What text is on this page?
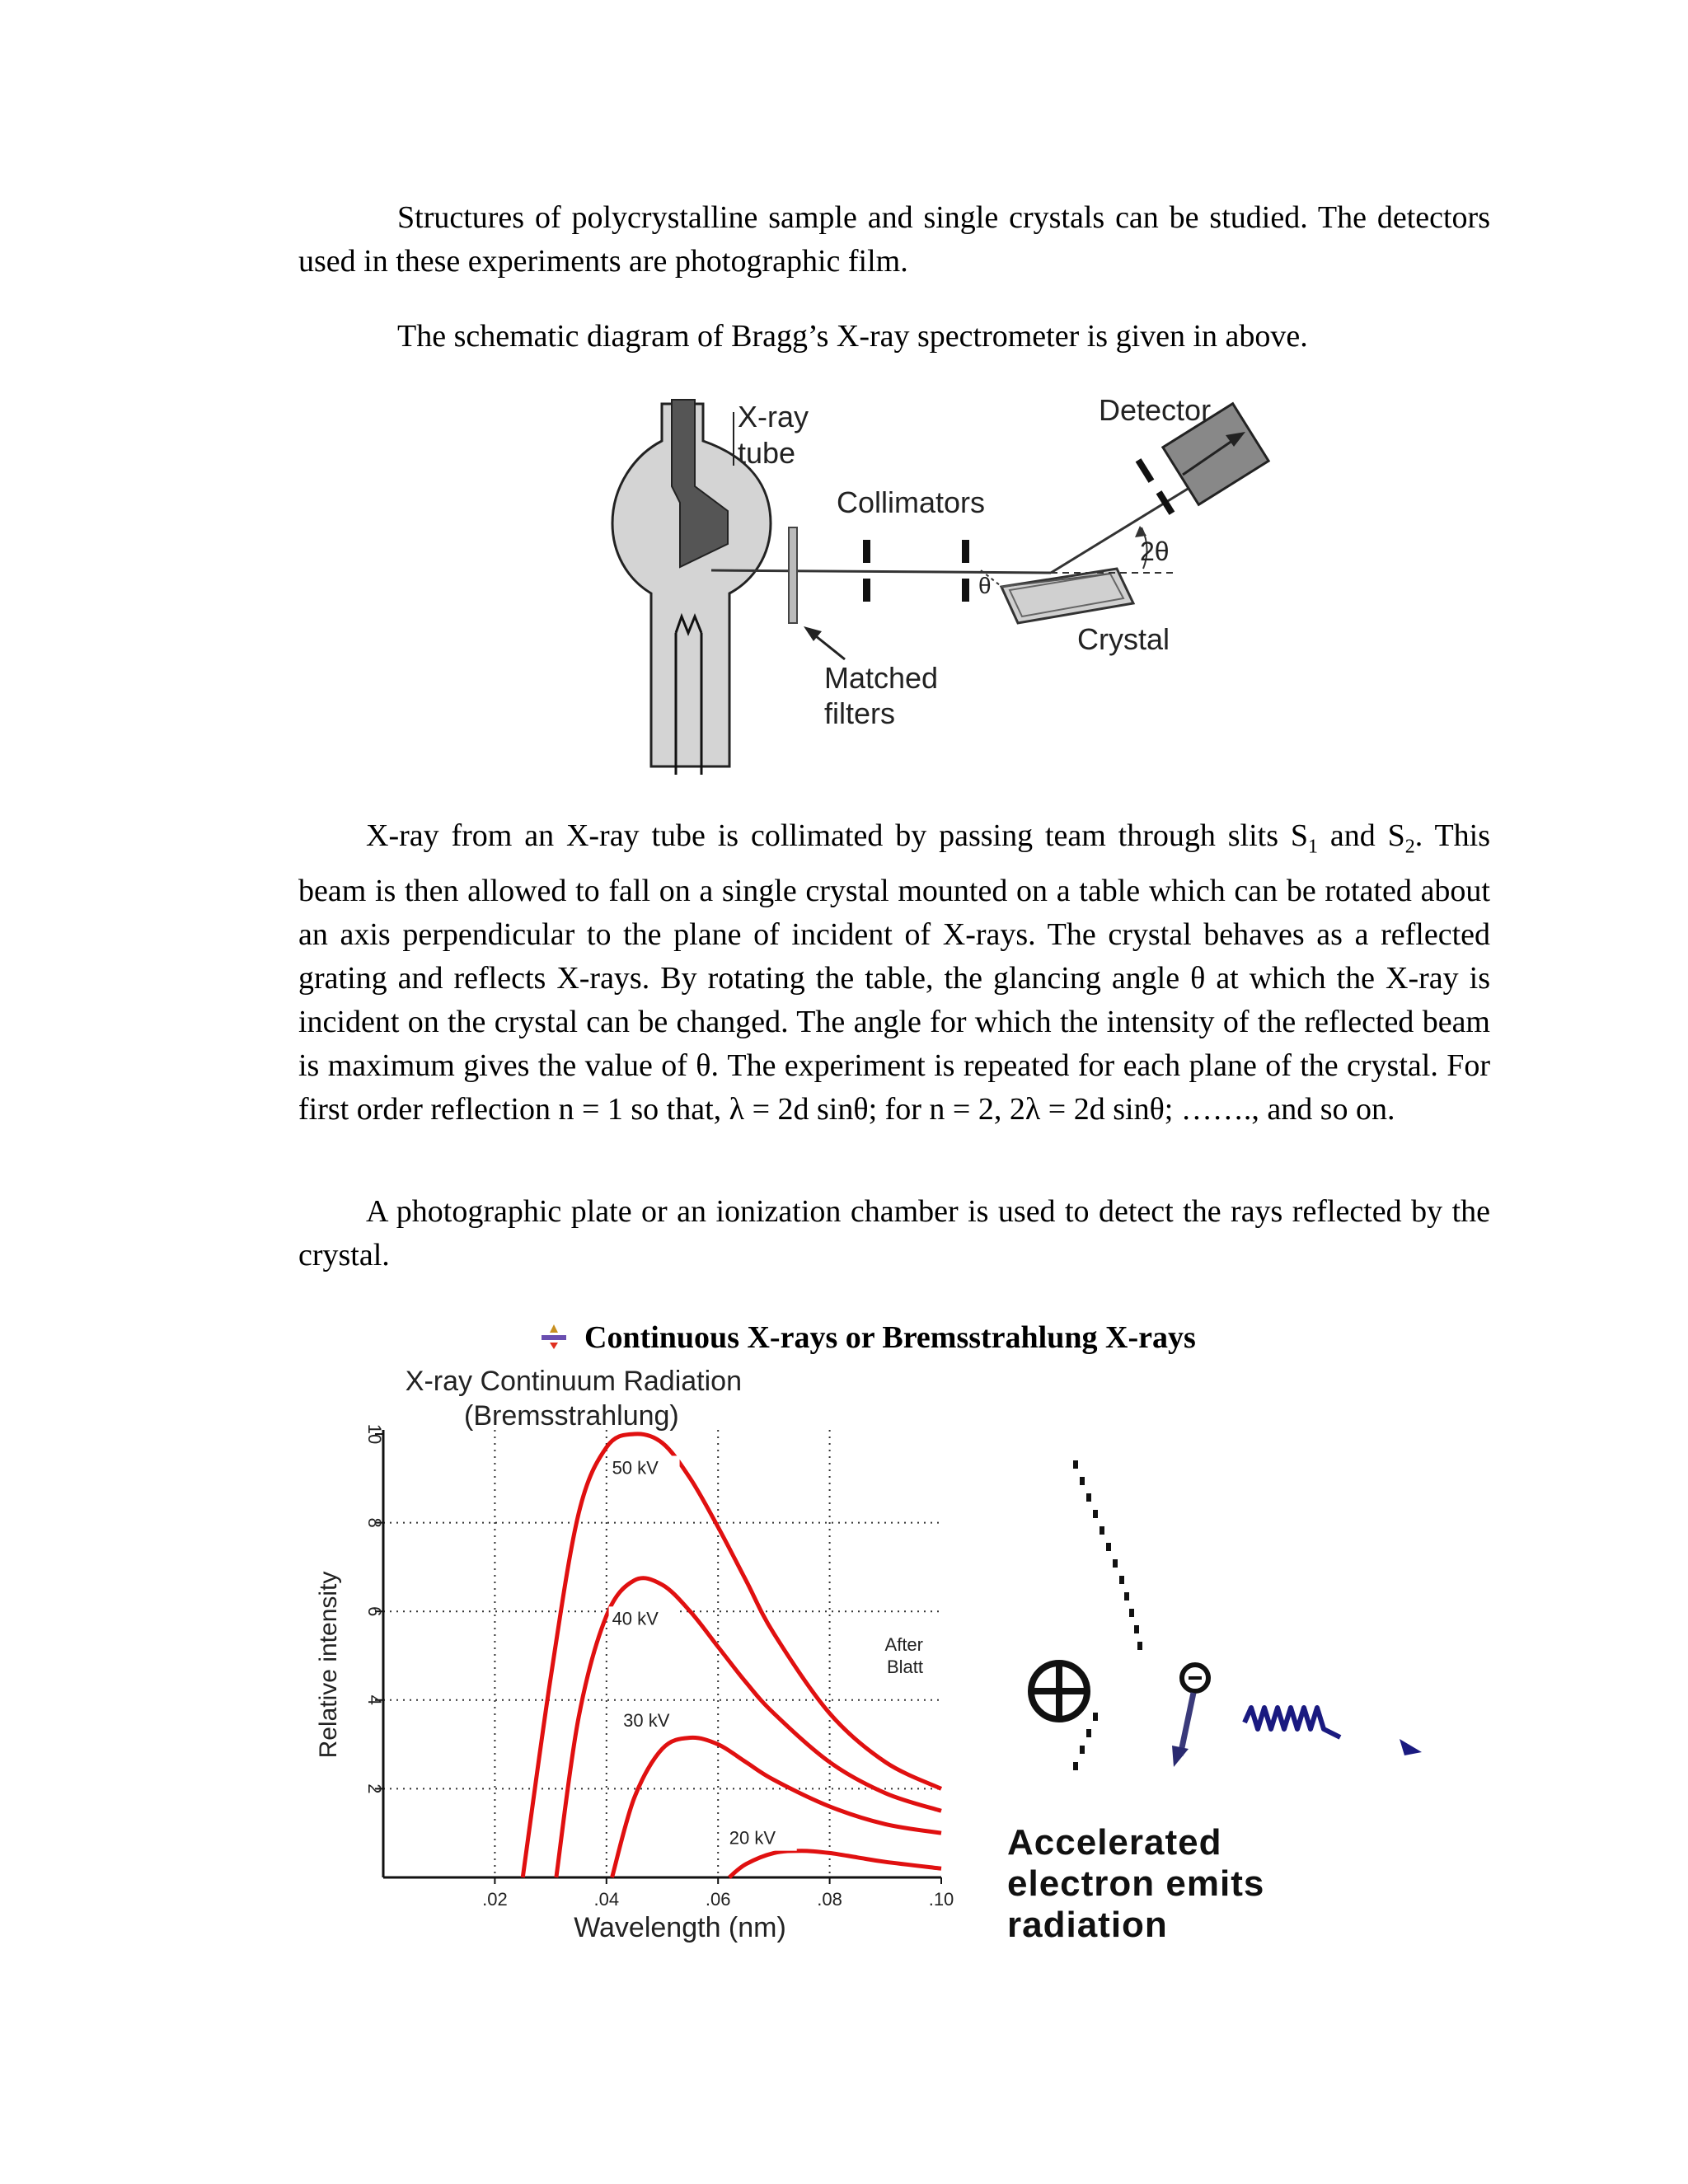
Structures of polycrystalline sample and single crystals can be studied. The detectors used in these experiments are photographic film.

The schematic diagram of Bragg’s X-ray spectrometer is given in above.

X-ray
tube
Collimators
Detector
2θ
θ
Crystal
Matched
filters

X-ray from an X-ray tube is collimated by passing team through slits $S_1$ and $S_2$. This beam is then allowed to fall on a single crystal mounted on a table which can be rotated about an axis perpendicular to the plane of incident of X-rays. The crystal behaves as a reflected grating and reflects X-rays. By rotating the table, the glancing angle θ at which the X-ray is incident on the crystal can be changed. The angle for which the intensity of the reflected beam is maximum gives the value of θ. The experiment is repeated for each plane of the crystal. For first order reflection n = 1 so that, λ = 2d sinθ; for n = 2, 2λ = 2d sinθ; ……., and so on.

A photographic plate or an ionization chamber is used to detect the rays reflected by the crystal.

Continuous X-rays or Bremsstrahlung X-rays
X-ray Continuum Radiation
(Bremsstrahlung)
Relative intensity
Wavelength (nm)
After
Blatt
.02	.04	.06	.08	.10
2
4
6
8
10
50 kV
40 kV
30 kV
20 kV	Accelerated
electron emits
radiation
